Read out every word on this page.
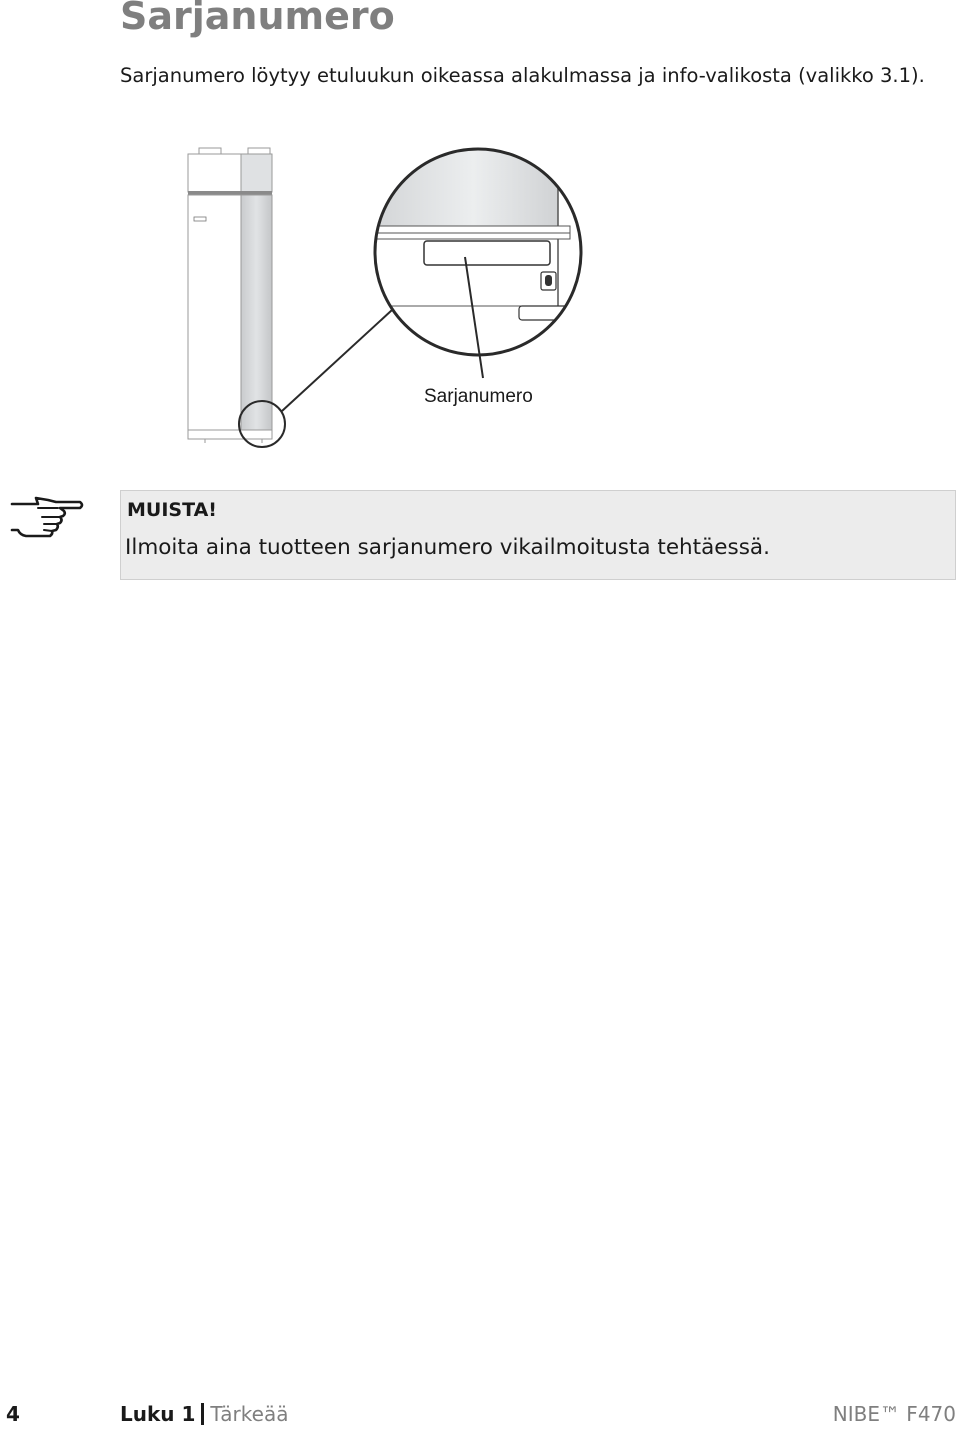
Sarjanumero

Sarjanumero löytyy etuluukun oikeassa alakulmassa ja info-valikosta (valikko 3.1).

Sarjanumero
MUISTA!
Ilmoita aina tuotteen sarjanumero vikailmoitusta tehtäessä.
4	Luku 1 Tärkeää	NIBE™ F470
